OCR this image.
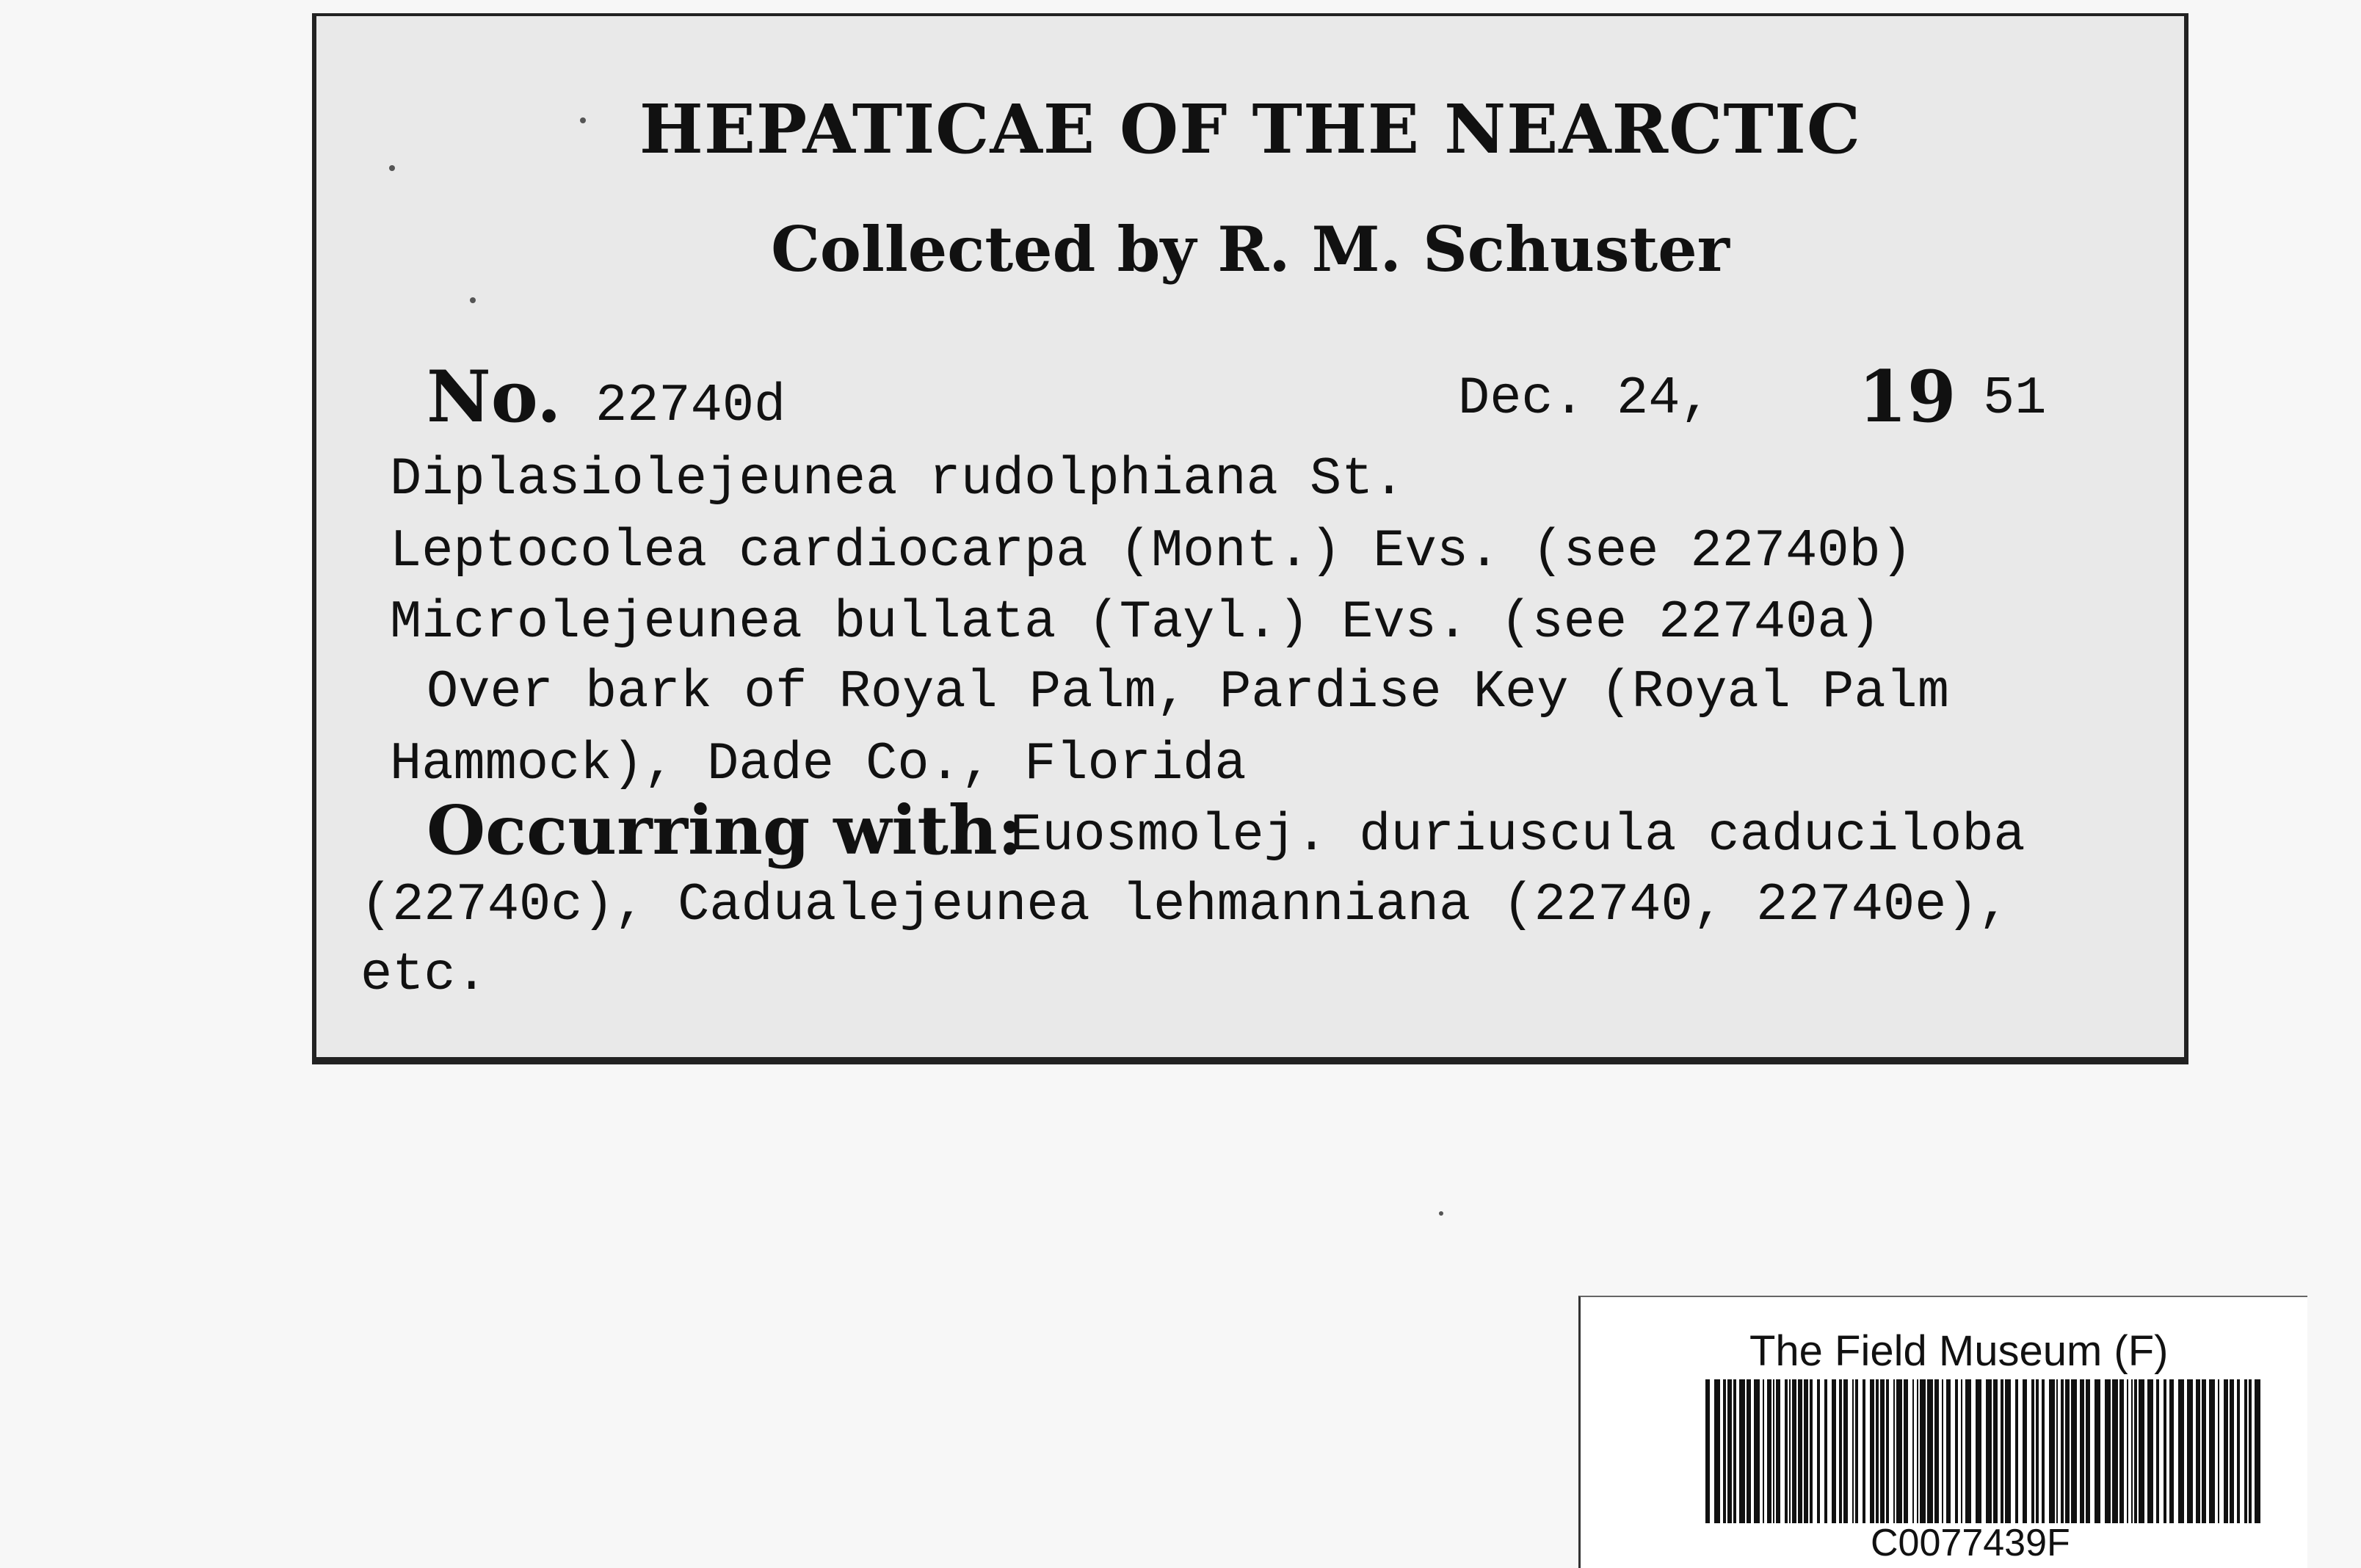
HEPATICAE OF THE NEARCTIC
Collected by R. M. Schuster
No. 22740d	Dec. 24, 19 51
Diplasiolejeunea rudolphiana St.
Leptocolea cardiocarpa (Mont.) Evs. (see 22740b)
Microlejeunea bullata (Tayl.) Evs. (see 22740a)
Over bark of Royal Palm, Pardise Key (Royal Palm
Hammock), Dade Co., Florida
Occurring with:
Euosmolej. duriuscula caduciloba
(22740c), Cadualejeunea lehmanniana (22740, 22740e),
etc.
The Field Museum (F)
C0077439F
